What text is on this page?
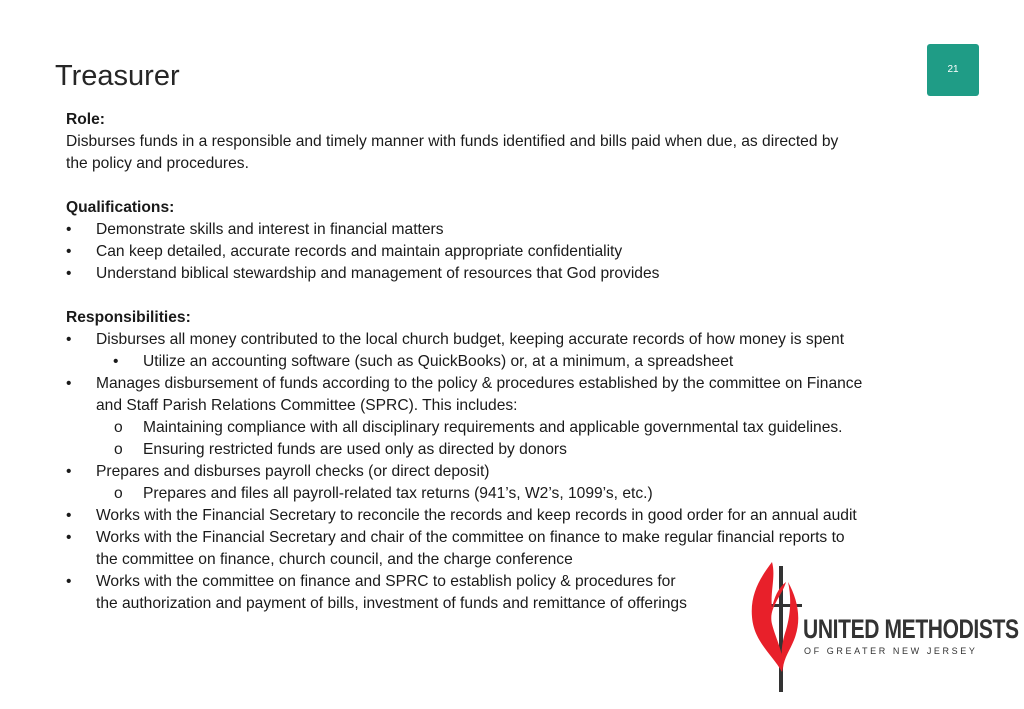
Treasurer	21
Role:
Disburses funds in a responsible and timely manner with funds identified and bills paid when due, as directed by
the policy and procedures.
Qualifications:
• Demonstrate skills and interest in financial matters
• Can keep detailed, accurate records and maintain appropriate confidentiality
• Understand biblical stewardship and management of resources that God provides
Responsibilities:
• Disburses all money contributed to the local church budget, keeping accurate records of how money is spent
• Utilize an accounting software (such as QuickBooks) or, at a minimum, a spreadsheet
• Manages disbursement of funds according to the policy & procedures established by the committee on Finance
and Staff Parish Relations Committee (SPRC). This includes:
o Maintaining compliance with all disciplinary requirements and applicable governmental tax guidelines.
o Ensuring restricted funds are used only as directed by donors
• Prepares and disburses payroll checks (or direct deposit)
o Prepares and files all payroll-related tax returns (941’s, W2’s, 1099’s, etc.)
• Works with the Financial Secretary to reconcile the records and keep records in good order for an annual audit
• Works with the Financial Secretary and chair of the committee on finance to make regular financial reports to
the committee on finance, church council, and the charge conference
• Works with the committee on finance and SPRC to establish policy & procedures for
the authorization and payment of bills, investment of funds and remittance of offerings
UNITED METHODISTS
OF GREATER NEW JERSEY
